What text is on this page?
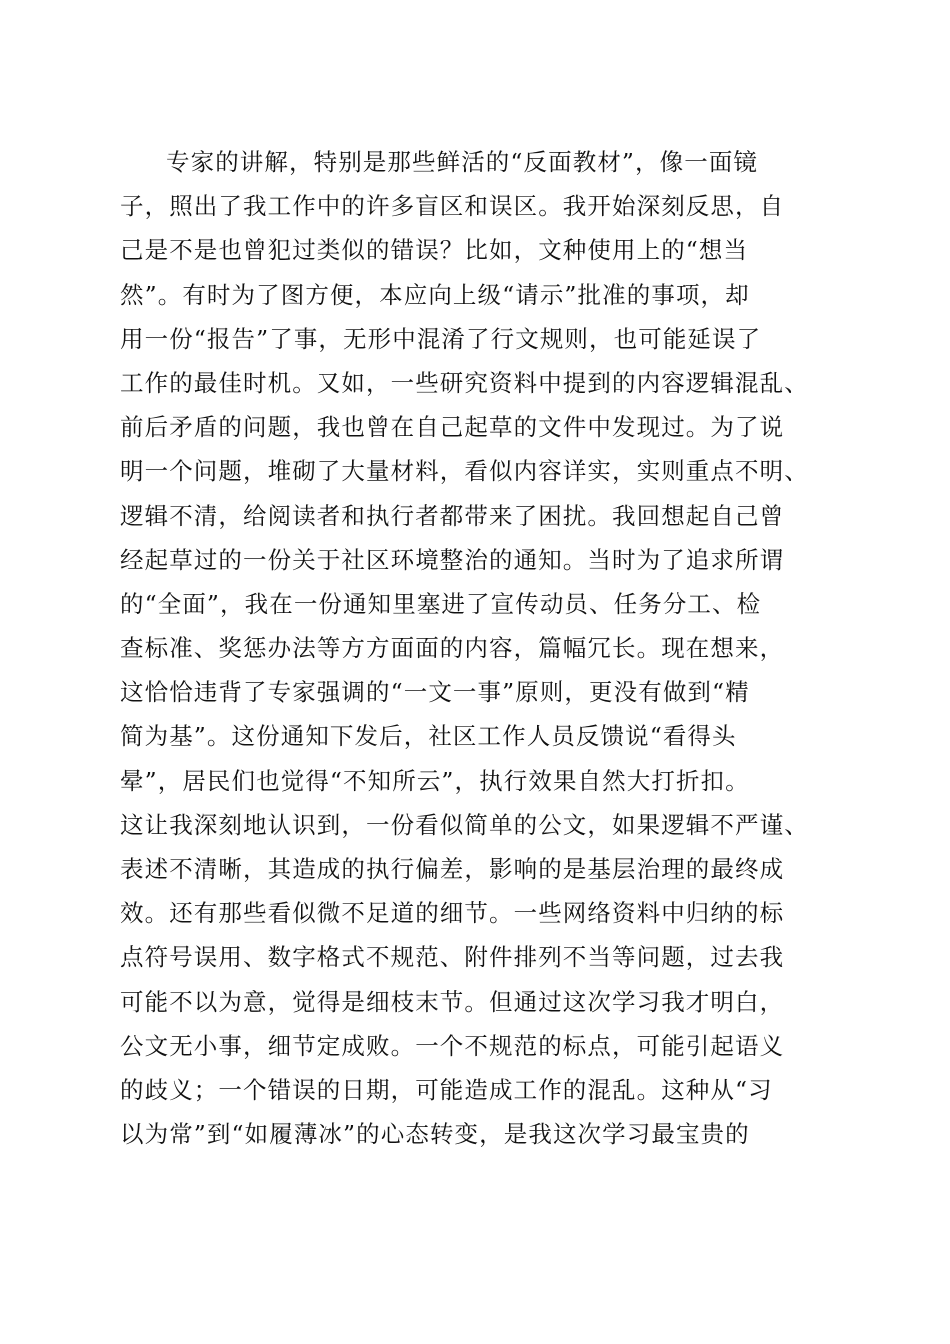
专家的讲解，特别是那些鲜活的“反面教材”，像一面镜
子，照出了我工作中的许多盲区和误区。我开始深刻反思，自
己是不是也曾犯过类似的错误？比如，文种使用上的“想当
然”。有时为了图方便，本应向上级“请示”批准的事项，却
用一份“报告”了事，无形中混淆了行文规则，也可能延误了
工作的最佳时机。又如，一些研究资料中提到的内容逻辑混乱、
前后矛盾的问题，我也曾在自己起草的文件中发现过。为了说
明一个问题，堆砌了大量材料，看似内容详实，实则重点不明、
逻辑不清，给阅读者和执行者都带来了困扰。我回想起自己曾
经起草过的一份关于社区环境整治的通知。当时为了追求所谓
的“全面”，我在一份通知里塞进了宣传动员、任务分工、检
查标准、奖惩办法等方方面面的内容，篇幅冗长。现在想来，
这恰恰违背了专家强调的“一文一事”原则，更没有做到“精
简为基”。这份通知下发后，社区工作人员反馈说“看得头
晕”，居民们也觉得“不知所云”，执行效果自然大打折扣。
这让我深刻地认识到，一份看似简单的公文，如果逻辑不严谨、
表述不清晰，其造成的执行偏差，影响的是基层治理的最终成
效。还有那些看似微不足道的细节。一些网络资料中归纳的标
点符号误用、数字格式不规范、附件排列不当等问题，过去我
可能不以为意，觉得是细枝末节。但通过这次学习我才明白，
公文无小事，细节定成败。一个不规范的标点，可能引起语义
的歧义；一个错误的日期，可能造成工作的混乱。这种从“习
以为常”到“如履薄冰”的心态转变，是我这次学习最宝贵的
